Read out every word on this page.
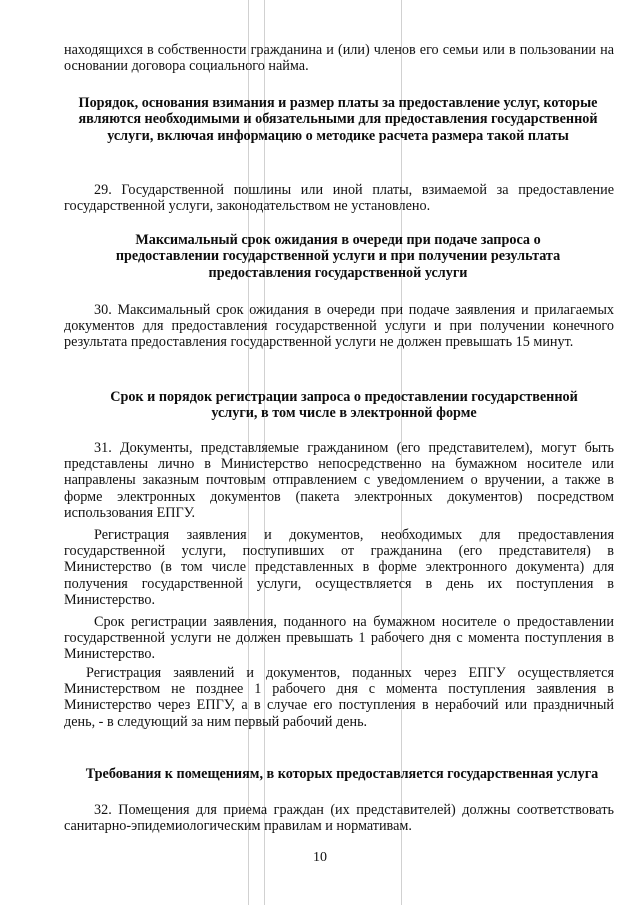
находящихся в собственности гражданина и (или) членов его семьи или в пользовании на основании договора социального найма.

Порядок, основания взимания и размер платы за предоставление услуг, которые являются необходимыми и обязательными для предоставления государственной услуги, включая информацию о методике расчета размера такой платы

29. Государственной пошлины или иной платы, взимаемой за предоставление государственной услуги, законодательством не установлено.

Максимальный срок ожидания в очереди при подаче запроса о предоставлении государственной услуги и при получении результата предоставления государственной услуги

30. Максимальный срок ожидания в очереди при подаче заявления и прилагаемых документов для предоставления государственной услуги и при получении конечного результата предоставления государственной услуги не должен превышать 15 минут.

Срок и порядок регистрации запроса о предоставлении государственной услуги, в том числе в электронной форме

31. Документы, представляемые гражданином (его представителем), могут быть представлены лично в Министерство непосредственно на бумажном носителе или направлены заказным почтовым отправлением с уведомлением о вручении, а также в форме электронных документов (пакета электронных документов) посредством использования ЕПГУ.

Регистрация заявления и документов, необходимых для предоставления государственной услуги, поступивших от гражданина (его представителя) в Министерство (в том числе представленных в форме электронного документа) для получения государственной услуги, осуществляется в день их поступления в Министерство.

Срок регистрации заявления, поданного на бумажном носителе о предоставлении государственной услуги не должен превышать 1 рабочего дня с момента поступления в Министерство.

Регистрация заявлений и документов, поданных через ЕПГУ осуществляется Министерством не позднее 1 рабочего дня с момента поступления заявления в Министерство через ЕПГУ, а в случае его поступления в нерабочий или праздничный день, - в следующий за ним первый рабочий день.

Требования к помещениям, в которых предоставляется государственная услуга

32. Помещения для приема граждан (их представителей) должны соответствовать санитарно-эпидемиологическим правилам и нормативам.

10
